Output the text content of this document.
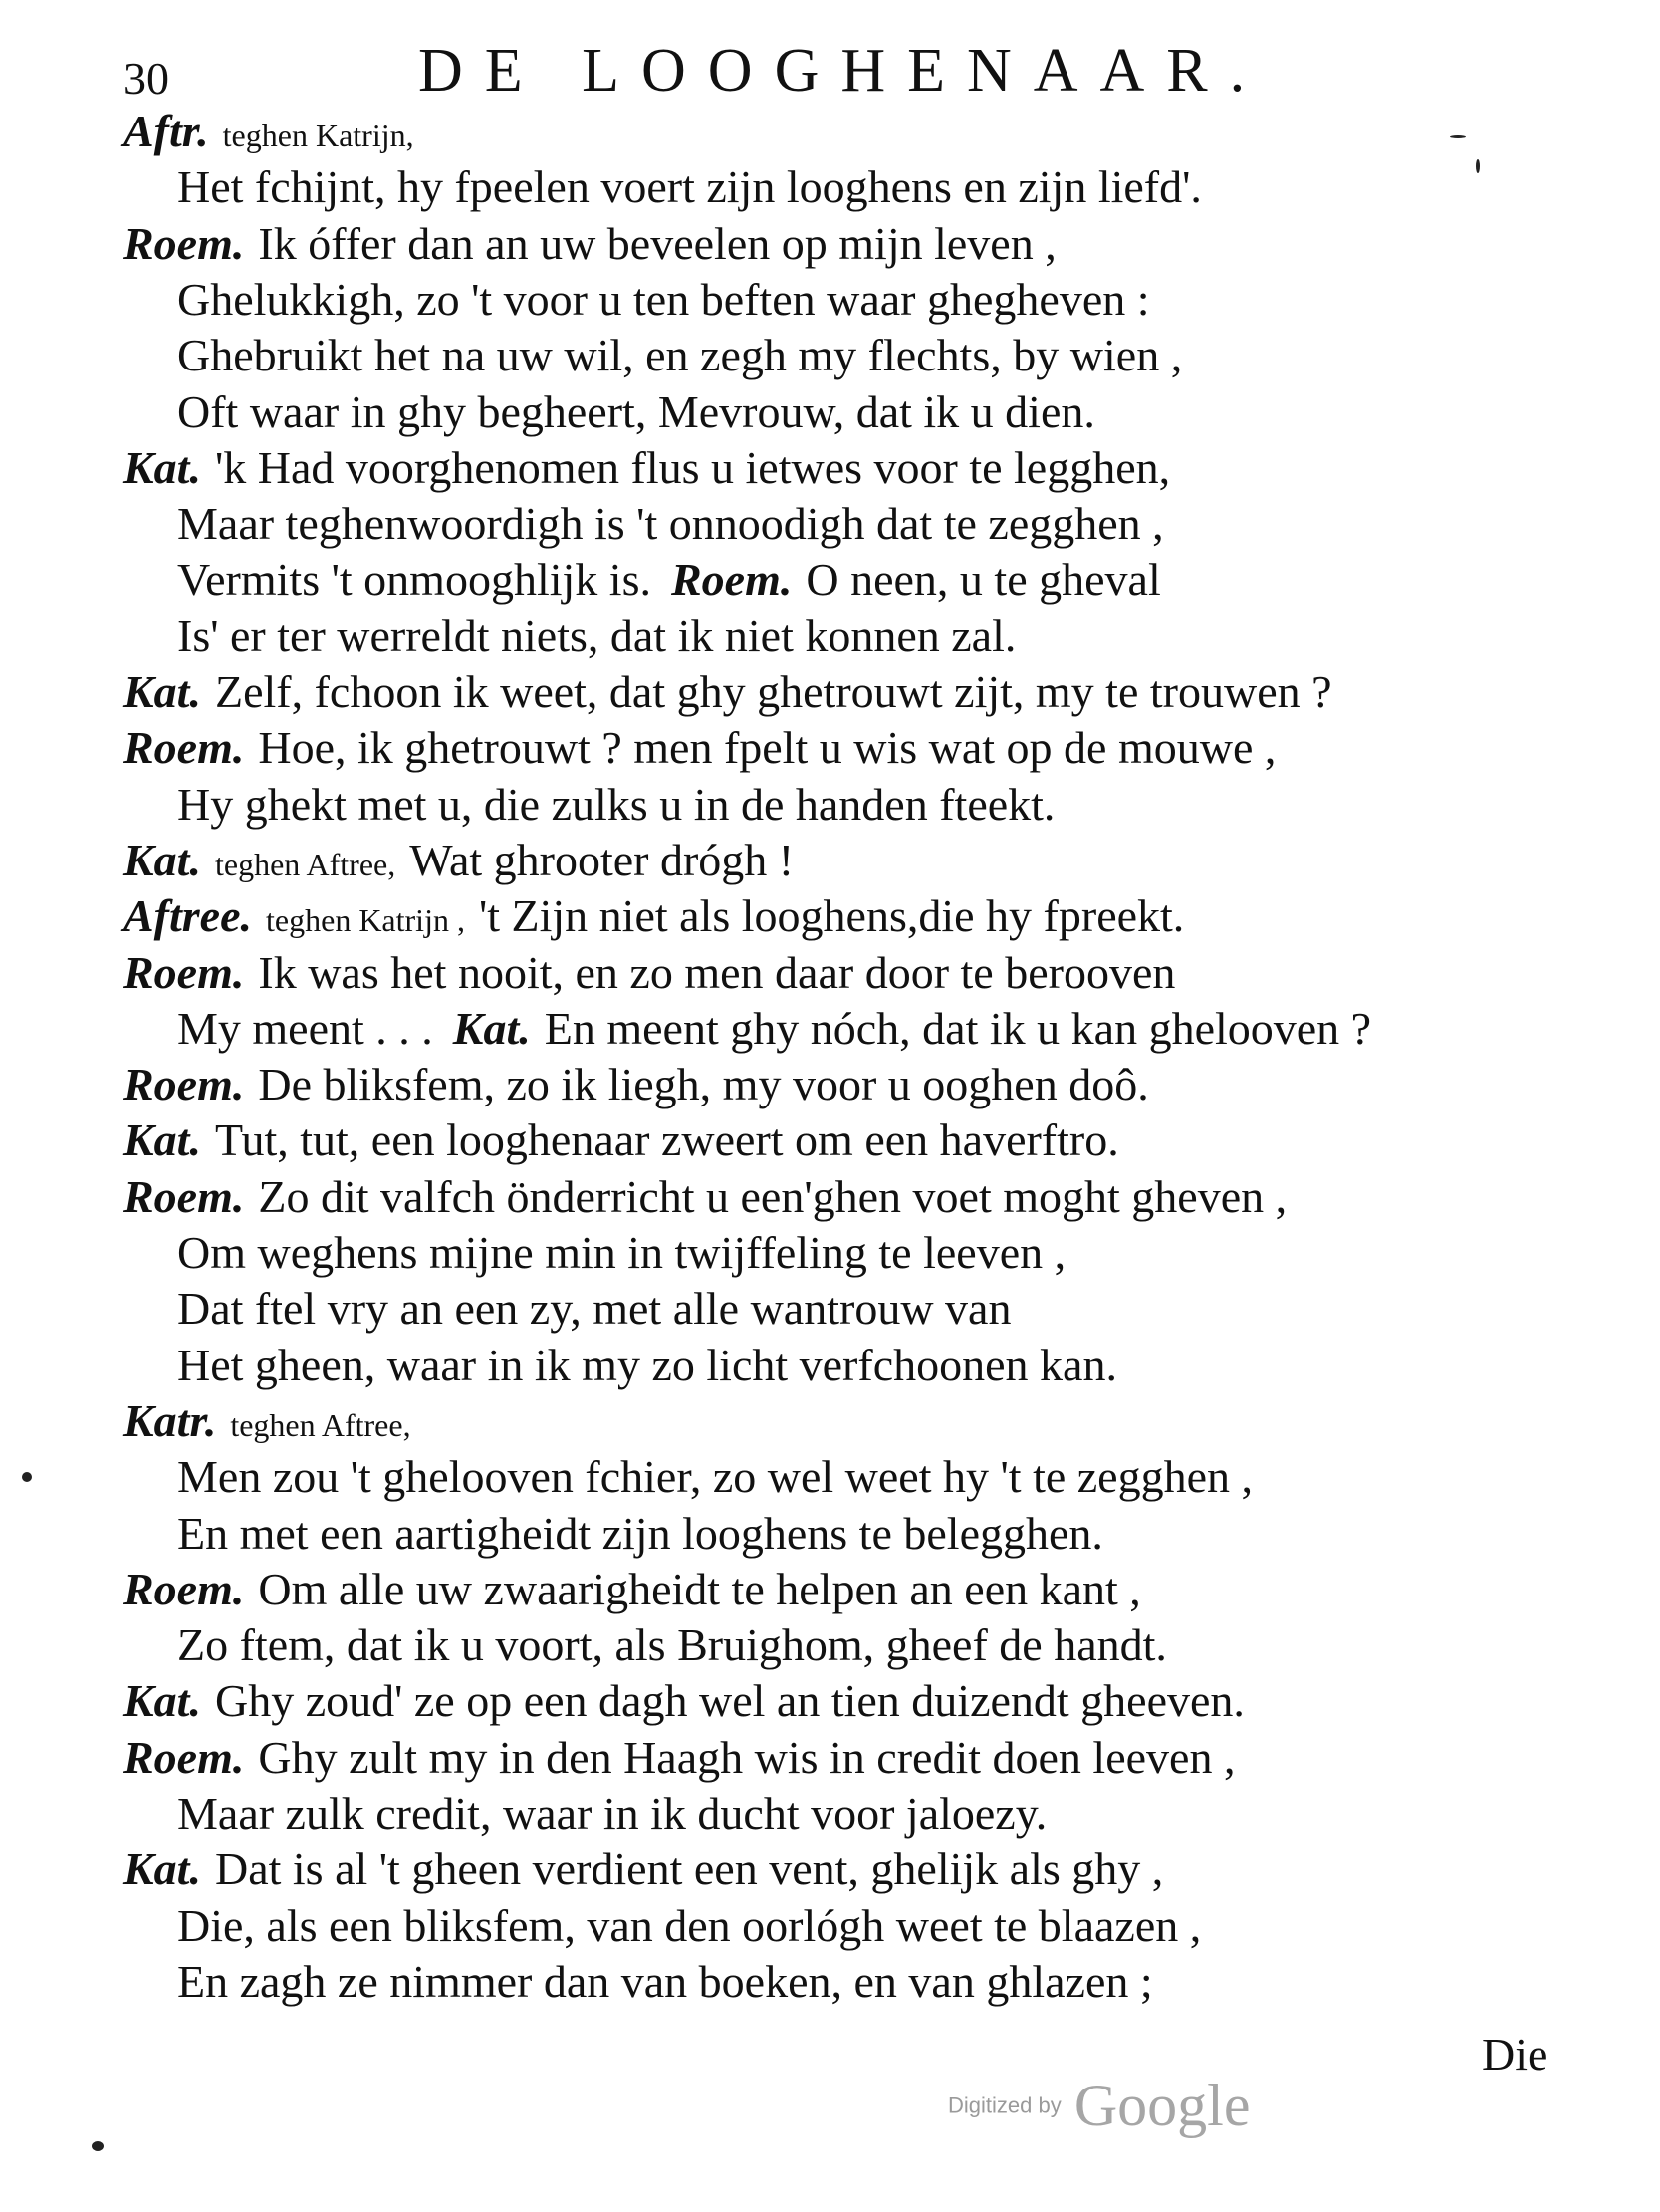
30	DE LOOGHENAAR.
Aftr. teghen Katrijn,
Het fchijnt, hy fpeelen voert zijn looghens en zijn liefd'.
Roem. Ik óffer dan an uw beveelen op mijn leven ,
Ghelukkigh, zo 't voor u ten beften waar ghegheven :
Ghebruikt het na uw wil, en zegh my flechts, by wien ,
Oft waar in ghy begheert, Mevrouw, dat ik u dien.
Kat. 'k Had voorghenomen flus u ietwes voor te legghen,
Maar teghenwoordigh is 't onnoodigh dat te zegghen ,
Vermits 't onmooghlijk is. Roem. O neen, u te gheval
Is' er ter werreldt niets, dat ik niet konnen zal.
Kat. Zelf, fchoon ik weet, dat ghy ghetrouwt zijt, my te trouwen ?
Roem. Hoe, ik ghetrouwt ? men fpelt u wis wat op de mouwe ,
Hy ghekt met u, die zulks u in de handen fteekt.
Kat. teghen Aftree, Wat ghrooter drógh !
Aftree. teghen Katrijn , 't Zijn niet als looghens,die hy fpreekt.
Roem. Ik was het nooit, en zo men daar door te berooven
My meent . . . Kat. En meent ghy nóch, dat ik u kan ghelooven ?
Roem. De bliksfem, zo ik liegh, my voor u ooghen doô.
Kat. Tut, tut, een looghenaar zweert om een haverftro.
Roem. Zo dit valfch önderricht u een'ghen voet moght gheven ,
Om weghens mijne min in twijffeling te leeven ,
Dat ftel vry an een zy, met alle wantrouw van
Het gheen, waar in ik my zo licht verfchoonen kan.
Katr. teghen Aftree,
Men zou 't ghelooven fchier, zo wel weet hy 't te zegghen ,
En met een aartigheidt zijn looghens te belegghen.
Roem. Om alle uw zwaarigheidt te helpen an een kant ,
Zo ftem, dat ik u voort, als Bruighom, gheef de handt.
Kat. Ghy zoud' ze op een dagh wel an tien duizendt gheeven.
Roem. Ghy zult my in den Haagh wis in credit doen leeven ,
Maar zulk credit, waar in ik ducht voor jaloezy.
Kat. Dat is al 't gheen verdient een vent, ghelijk als ghy ,
Die, als een bliksfem, van den oorlógh weet te blaazen ,
En zagh ze nimmer dan van boeken, en van ghlazen ;
Die
Digitized by Google
